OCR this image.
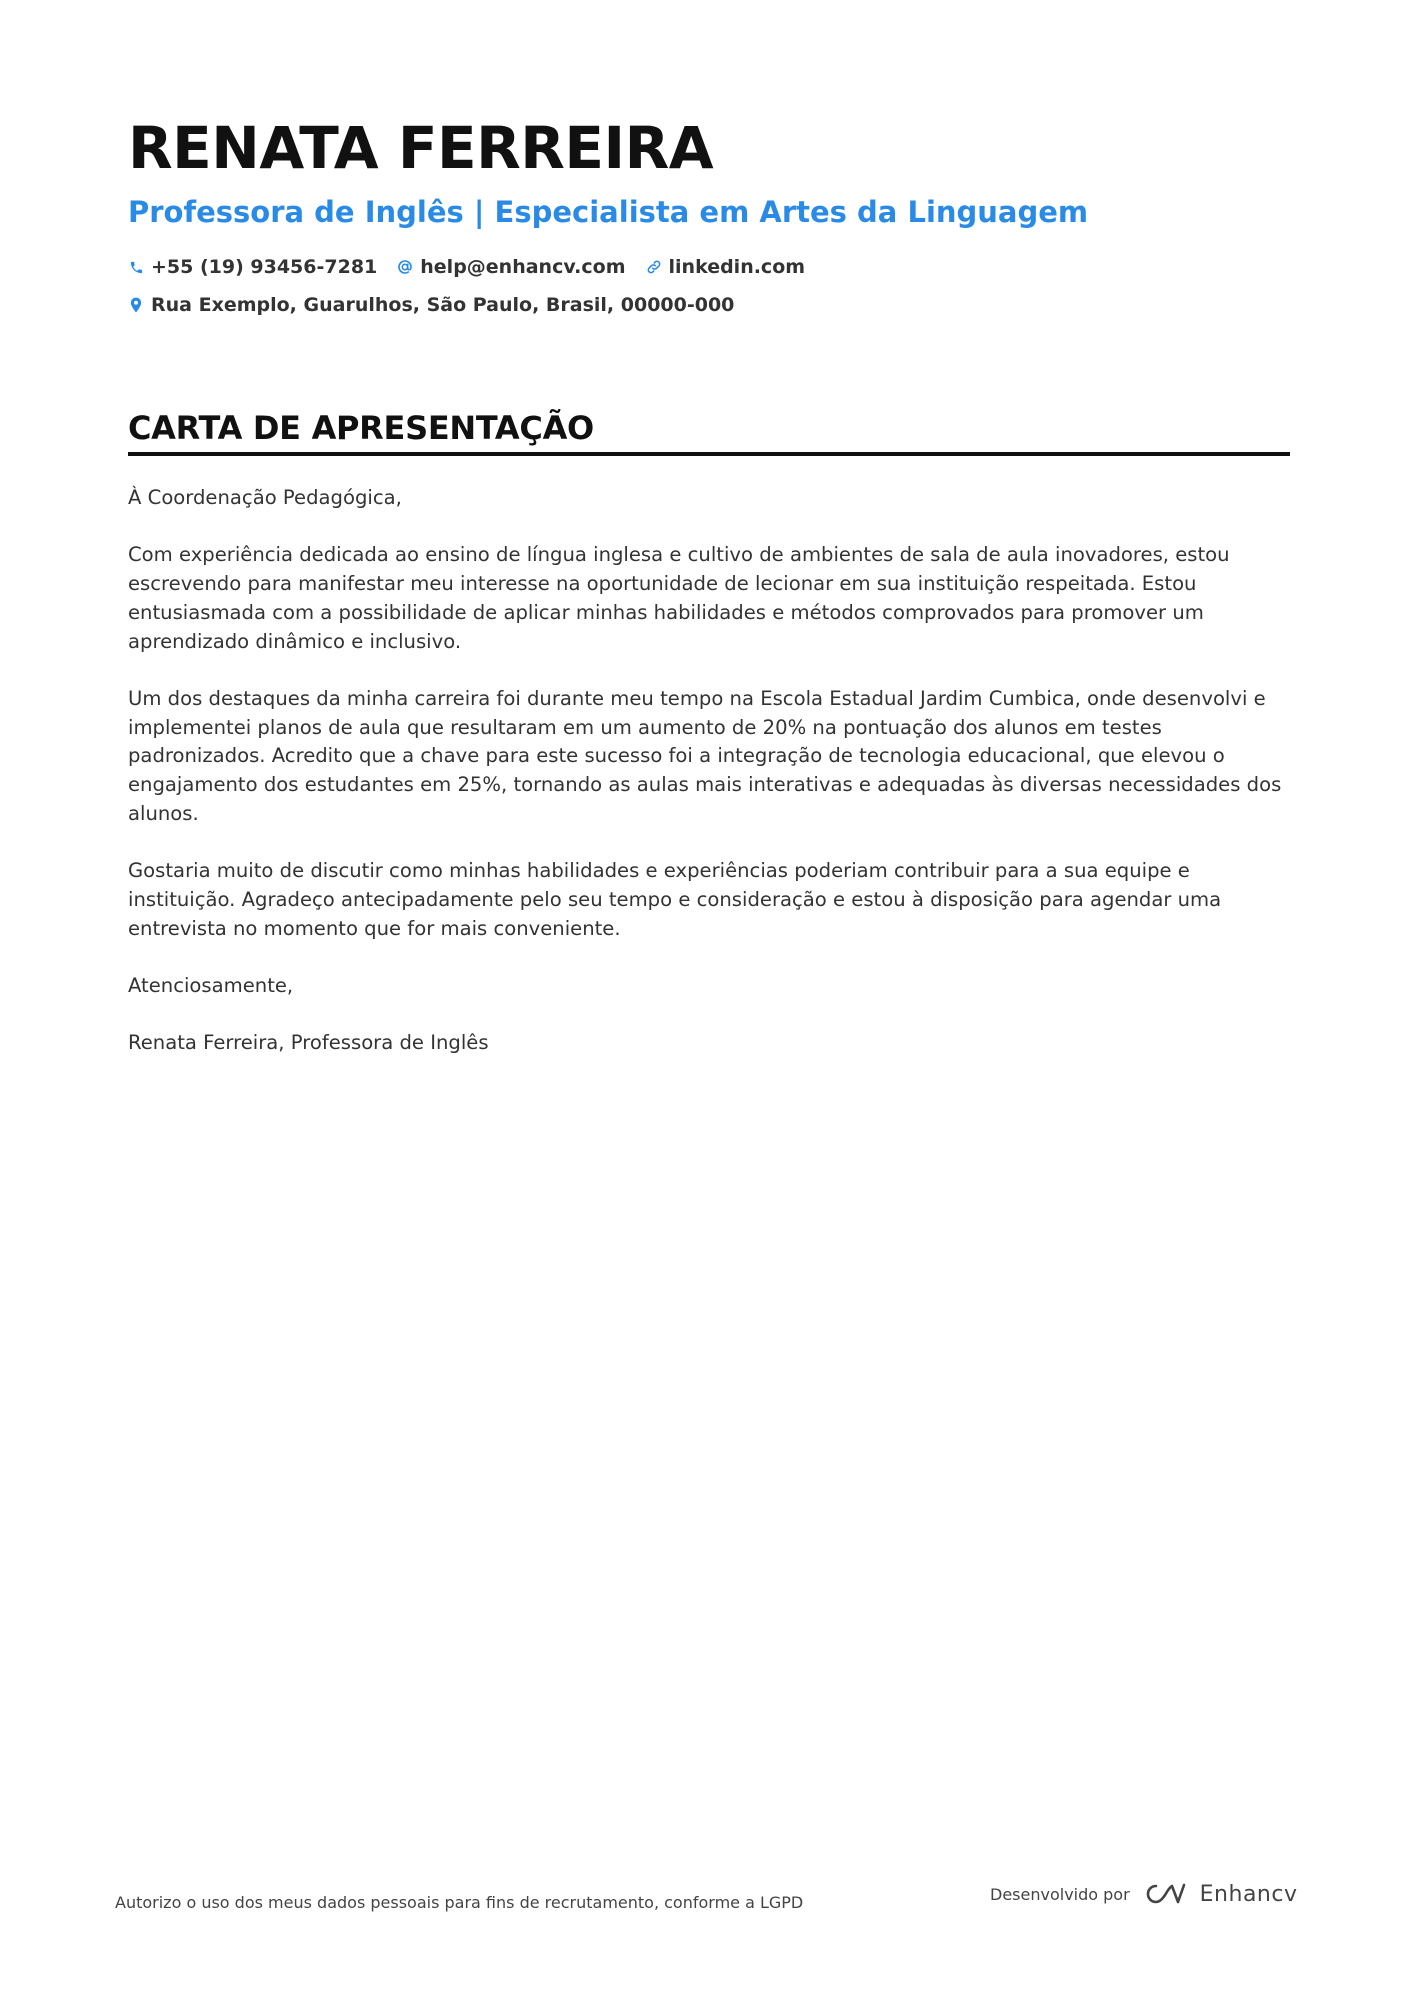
RENATA FERREIRA
Professora de Inglês | Especialista em Artes da Linguagem
+55 (19) 93456-7281 help@enhancv.com linkedin.com
Rua Exemplo, Guarulhos, São Paulo, Brasil, 00000-000
CARTA DE APRESENTAÇÃO

À Coordenação Pedagógica,

Com experiência dedicada ao ensino de língua inglesa e cultivo de ambientes de sala de aula inovadores, estou escrevendo para manifestar meu interesse na oportunidade de lecionar em sua instituição respeitada. Estou entusiasmada com a possibilidade de aplicar minhas habilidades e métodos comprovados para promover um aprendizado dinâmico e inclusivo.

Um dos destaques da minha carreira foi durante meu tempo na Escola Estadual Jardim Cumbica, onde desenvolvi e implementei planos de aula que resultaram em um aumento de 20% na pontuação dos alunos em testes padronizados. Acredito que a chave para este sucesso foi a integração de tecnologia educacional, que elevou o engajamento dos estudantes em 25%, tornando as aulas mais interativas e adequadas às diversas necessidades dos alunos.

Gostaria muito de discutir como minhas habilidades e experiências poderiam contribuir para a sua equipe e instituição. Agradeço antecipadamente pelo seu tempo e consideração e estou à disposição para agendar uma entrevista no momento que for mais conveniente.

Atenciosamente,

Renata Ferreira, Professora de Inglês

Autorizo o uso dos meus dados pessoais para fins de recrutamento, conforme a LGPD	Desenvolvido por	Enhancv
